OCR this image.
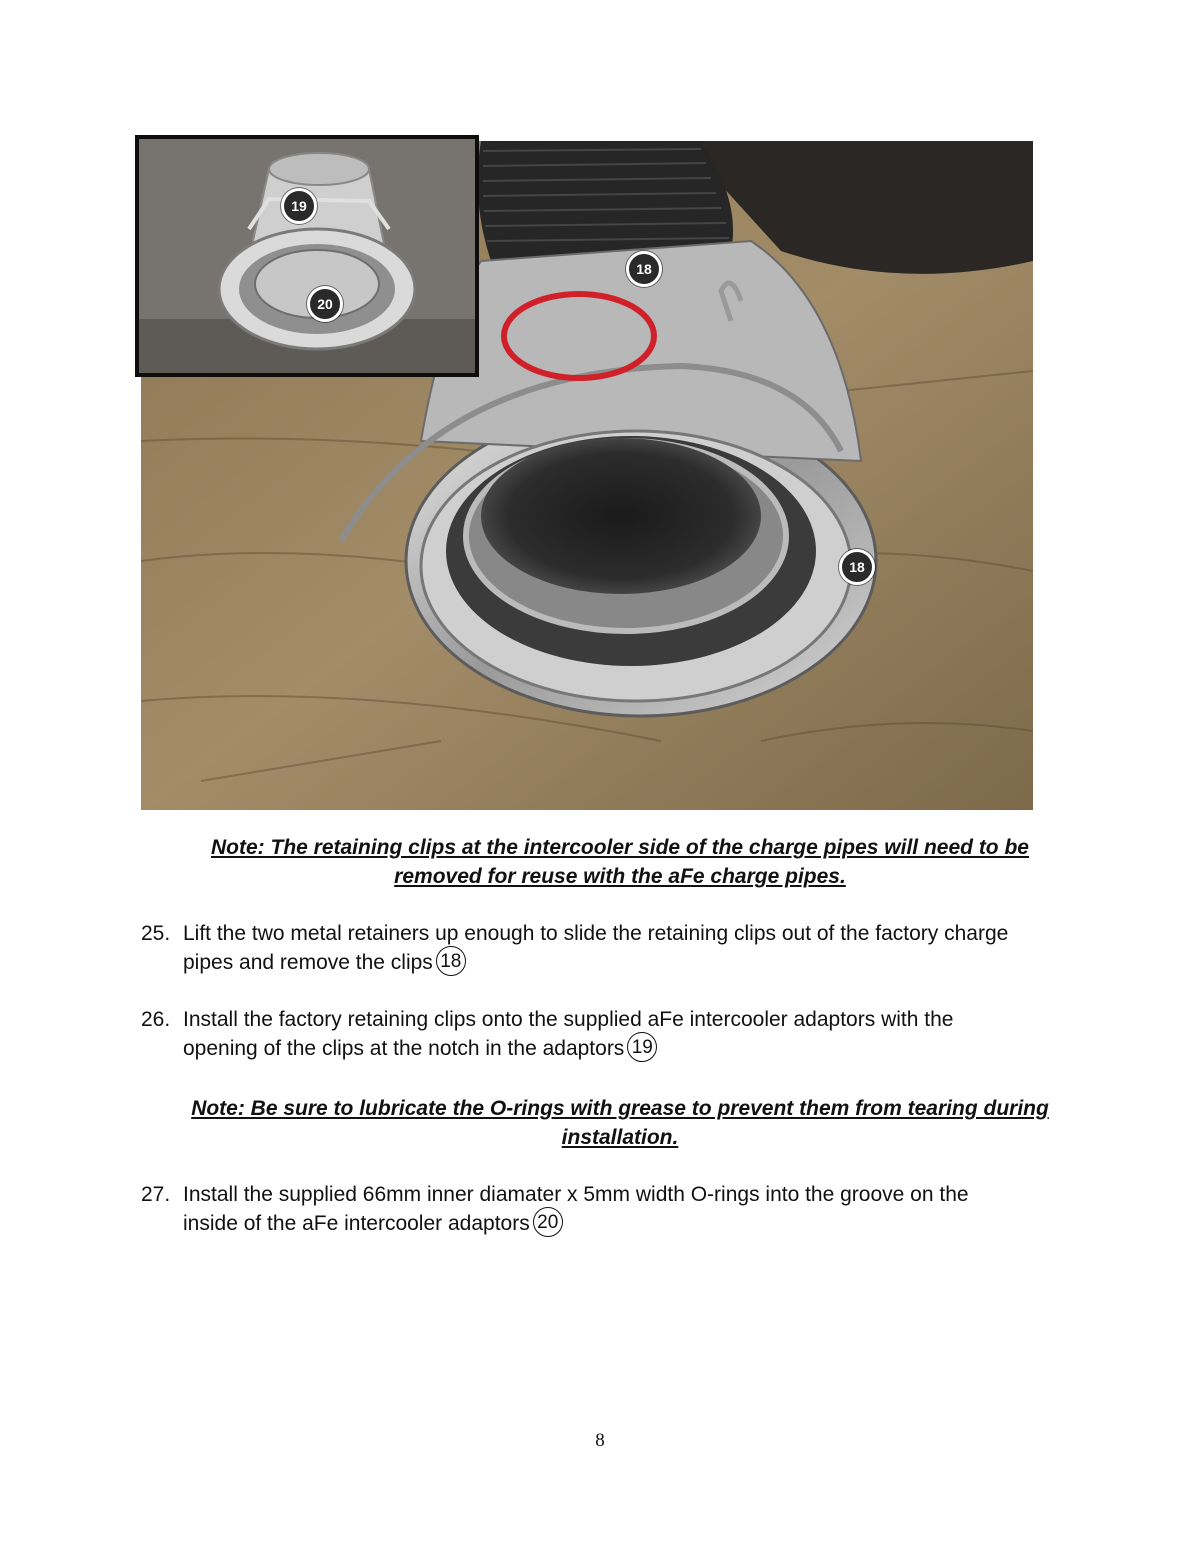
18
18
19
20
Note: The retaining clips at the intercooler side of the charge pipes will need to be
removed for reuse with the aFe charge pipes.
25. Lift the two metal retainers up enough to slide the retaining clips out of the factory charge
pipes and remove the clips 18
26. Install the factory retaining clips onto the supplied aFe intercooler adaptors with the
opening of the clips at the notch in the adaptors 19
Note: Be sure to lubricate the O-rings with grease to prevent them from tearing during
installation.
27. Install the supplied 66mm inner diamater x 5mm width O-rings into the groove on the
inside of the aFe intercooler adaptors 20
8
